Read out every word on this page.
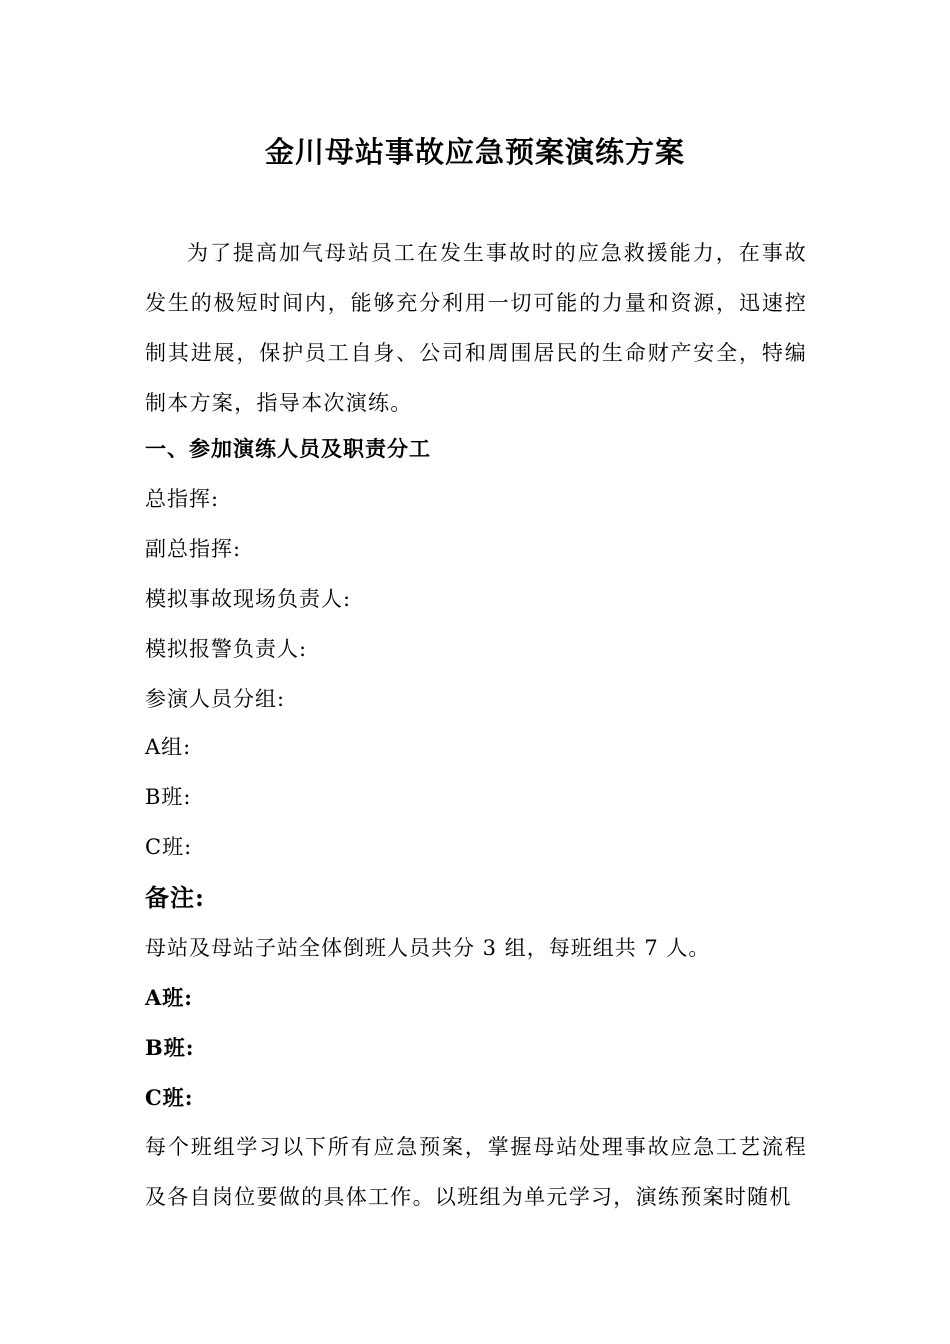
金川母站事故应急预案演练方案

为了提高加气母站员工在发生事故时的应急救援能力，在事故发生的极短时间内，能够充分利用一切可能的力量和资源，迅速控制其进展，保护员工自身、公司和周围居民的生命财产安全，特编制本方案，指导本次演练。

一、参加演练人员及职责分工
总指挥:
副总指挥:
模拟事故现场负责人:
模拟报警负责人:
参演人员分组:
A组:
B班:
C班:
备注:
母站及母站子站全体倒班人员共分 3 组，每班组共 7 人。
A班:
B班:
C班:

每个班组学习以下所有应急预案，掌握母站处理事故应急工艺流程及各自岗位要做的具体工作。以班组为单元学习，演练预案时随机
